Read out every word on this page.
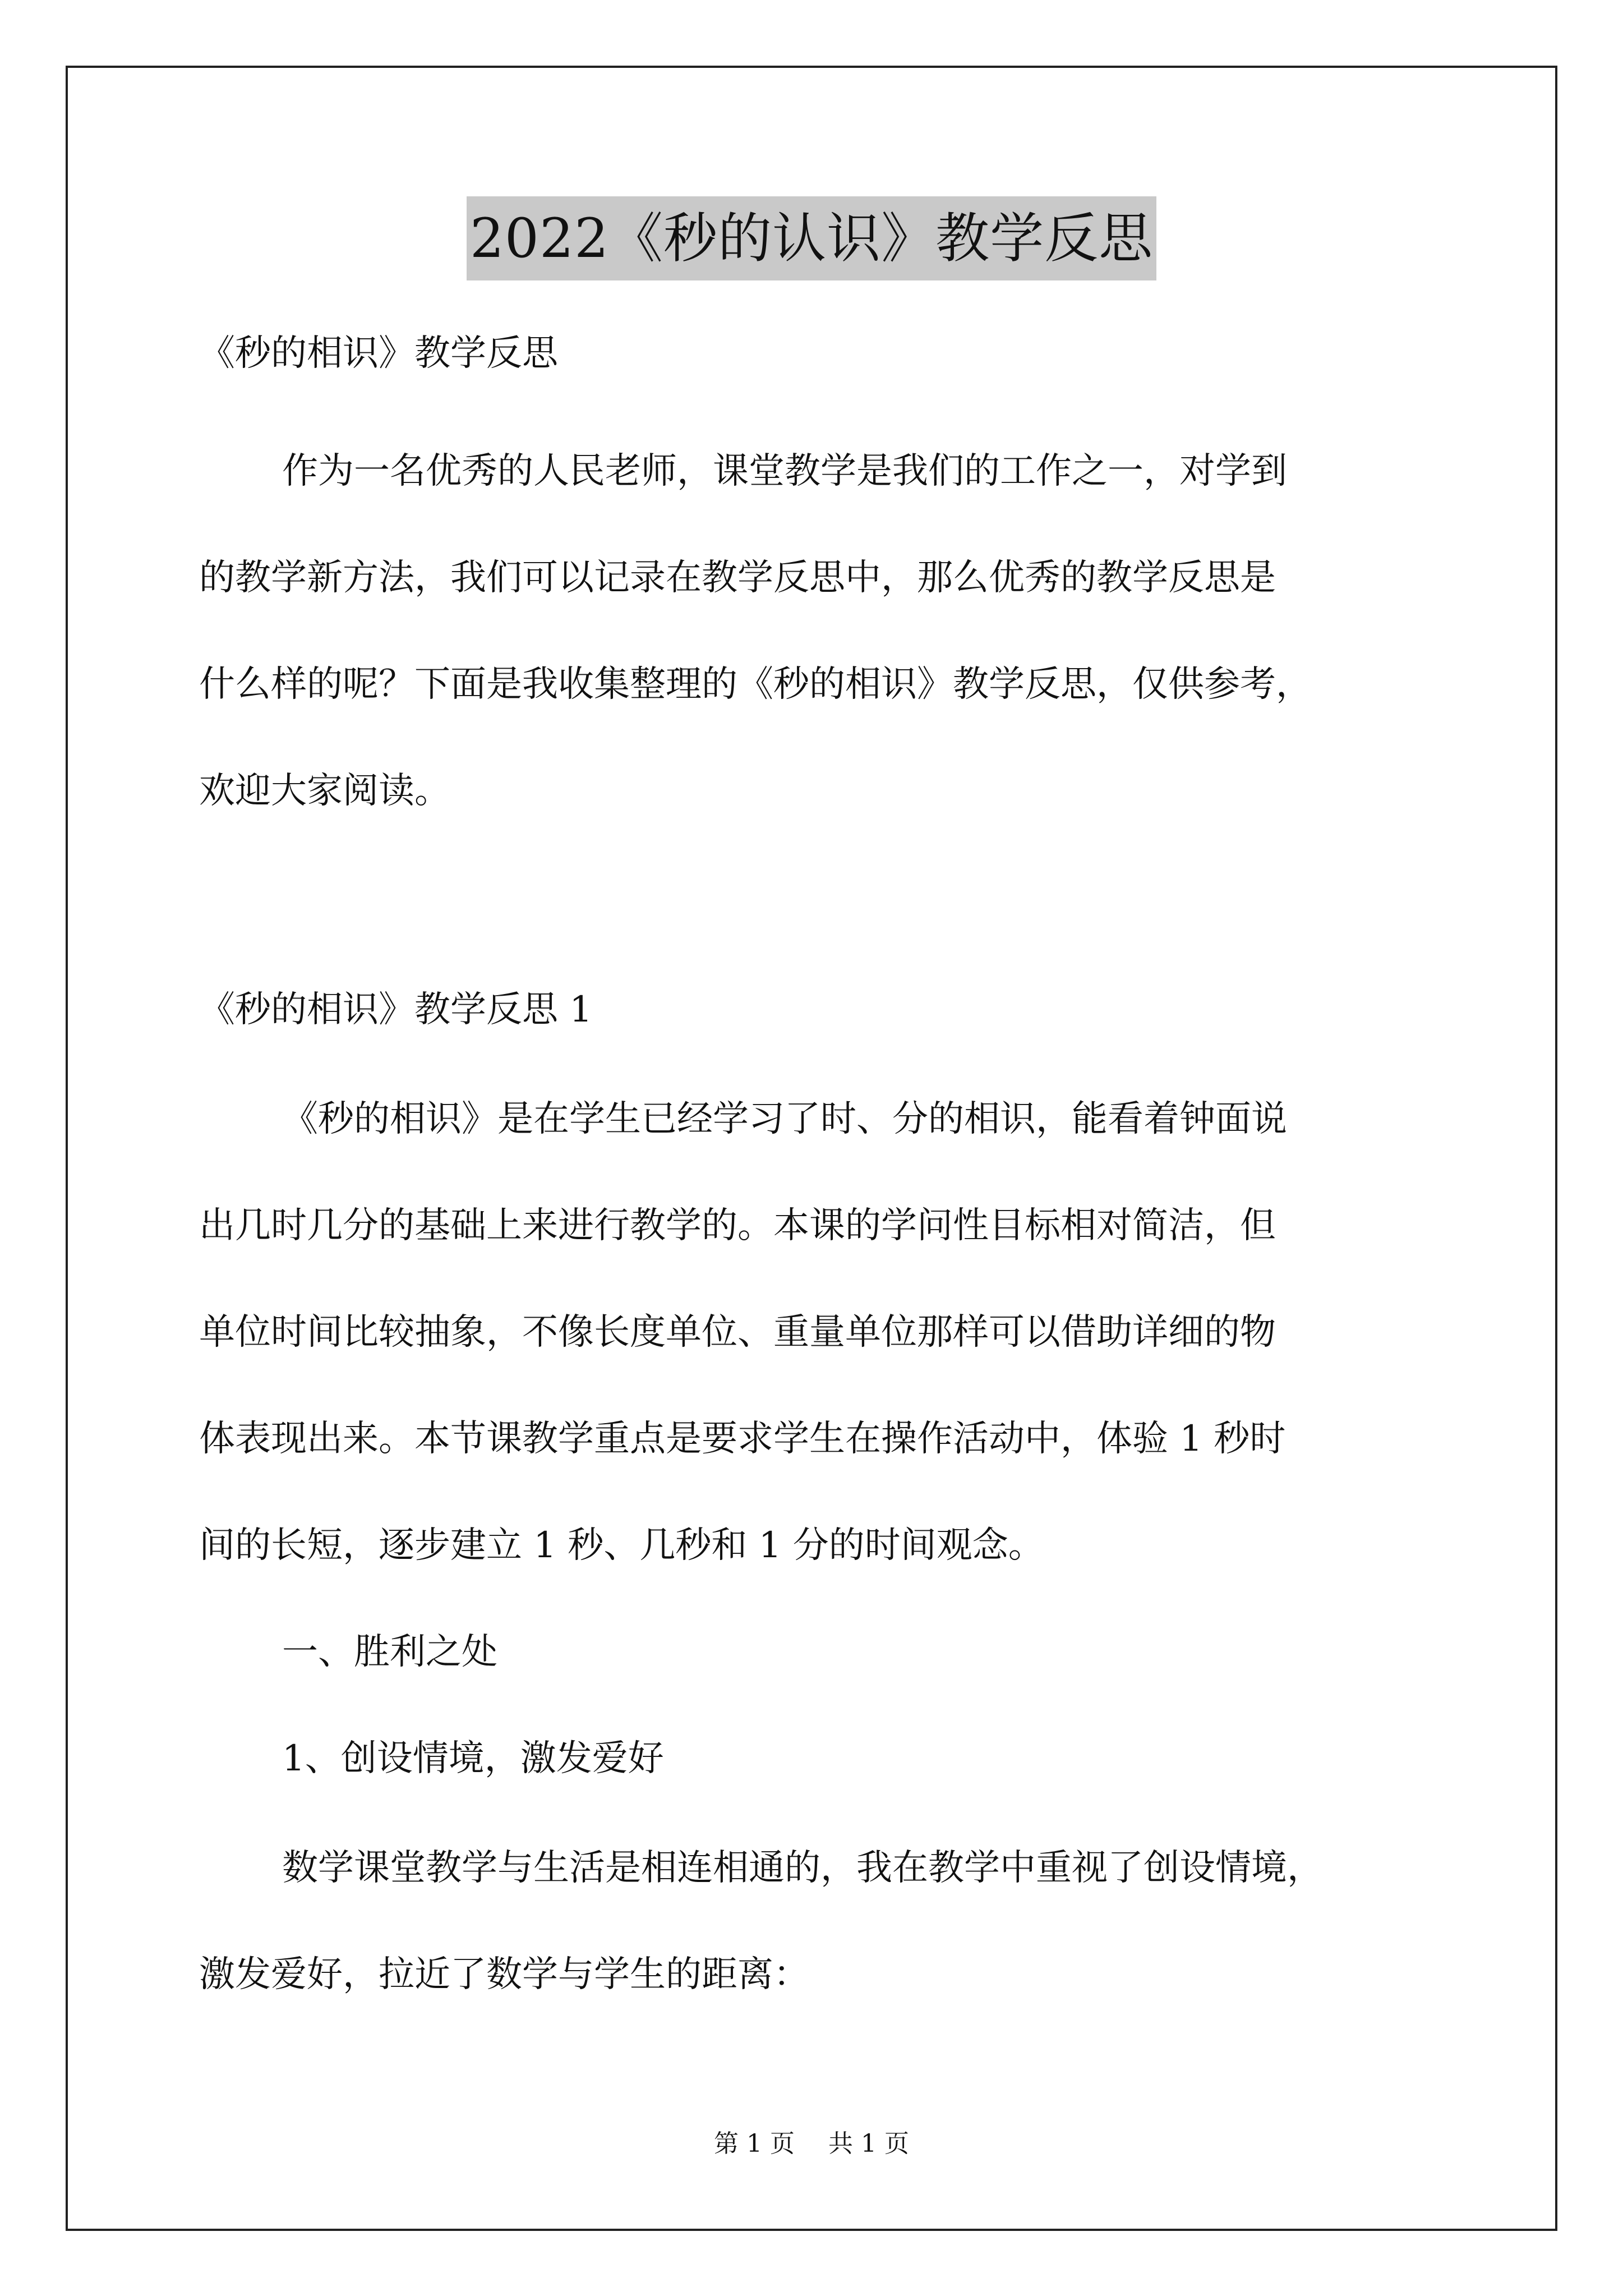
2022《秒的认识》教学反思
《秒的相识》教学反思
作为一名优秀的人民老师，课堂教学是我们的工作之一，对学到
的教学新方法，我们可以记录在教学反思中，那么优秀的教学反思是
什么样的呢？下面是我收集整理的《秒的相识》教学反思，仅供参考，
欢迎大家阅读。
《秒的相识》教学反思 1
《秒的相识》是在学生已经学习了时、分的相识，能看着钟面说
出几时几分的基础上来进行教学的。本课的学问性目标相对简洁，但
单位时间比较抽象，不像长度单位、重量单位那样可以借助详细的物
体表现出来。本节课教学重点是要求学生在操作活动中，体验 1 秒时
间的长短，逐步建立 1 秒、几秒和 1 分的时间观念。
一、胜利之处
1、创设情境，激发爱好
数学课堂教学与生活是相连相通的，我在教学中重视了创设情境，
激发爱好，拉近了数学与学生的距离：
第 1 页 共 1 页
